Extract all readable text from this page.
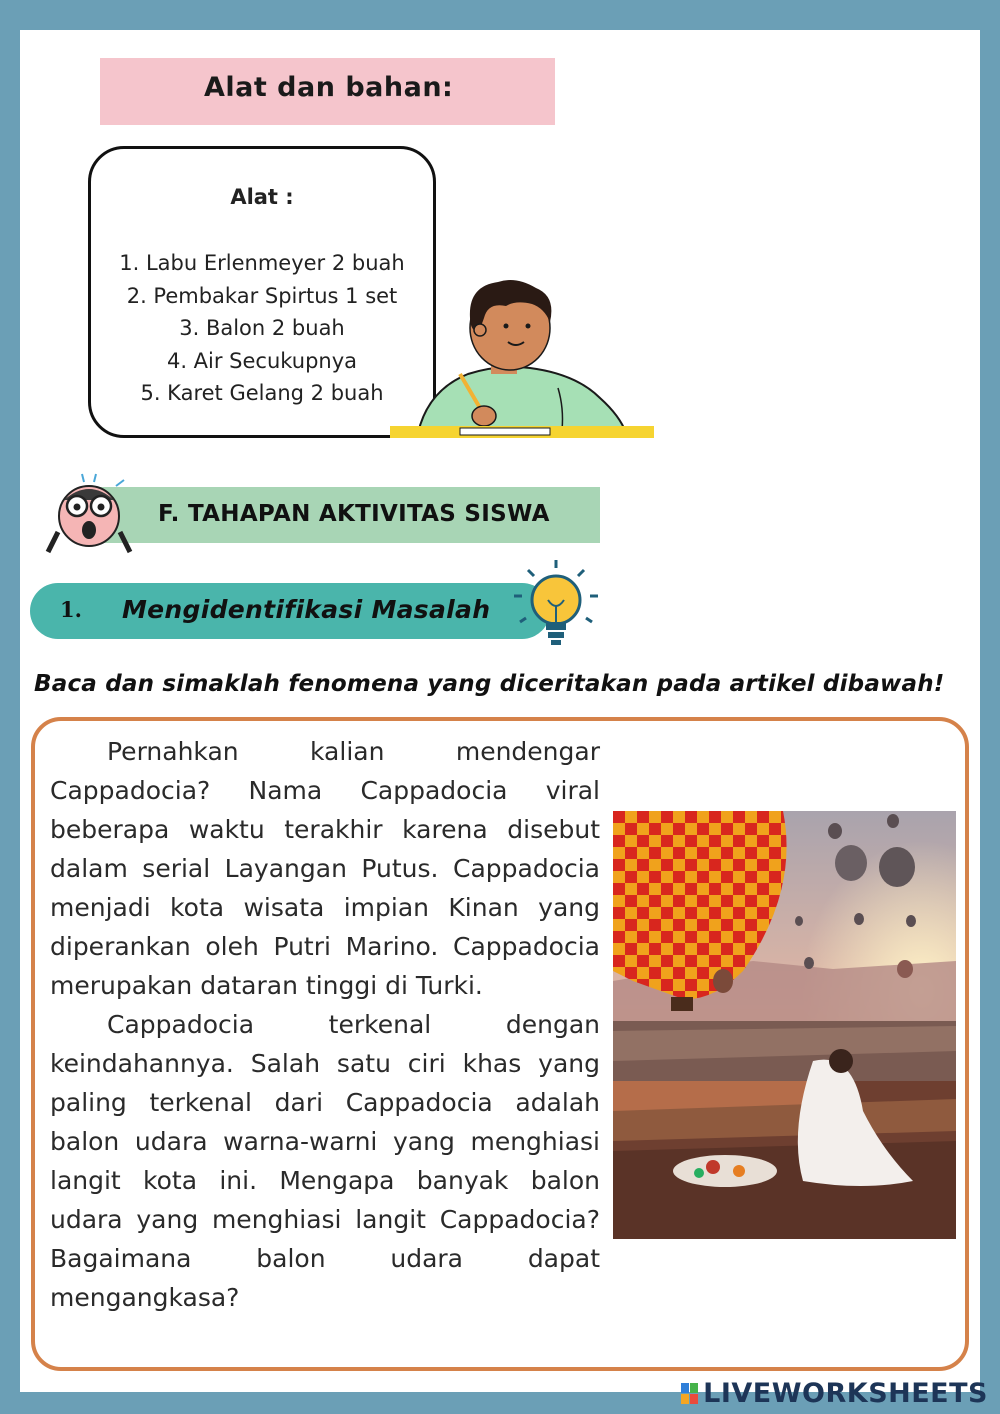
Alat dan bahan:
Alat :
1. Labu Erlenmeyer 2 buah
2. Pembakar Spirtus 1 set
3. Balon 2 buah
4. Air Secukupnya
5. Karet Gelang 2 buah
F. TAHAPAN AKTIVITAS SISWA
1. Mengidentifikasi Masalah
Baca dan simaklah fenomena yang diceritakan pada artikel dibawah!

Pernahkan kalian mendengar Cappadocia? Nama Cappadocia viral beberapa waktu terakhir karena disebut dalam serial Layangan Putus. Cappadocia menjadi kota wisata impian Kinan yang diperankan oleh Putri Marino. Cappadocia merupakan dataran tinggi di Turki.

Cappadocia terkenal dengan keindahannya. Salah satu ciri khas yang paling terkenal dari Cappadocia adalah balon udara warna-warni yang menghiasi langit kota ini. Mengapa banyak balon udara yang menghiasi langit Cappadocia? Bagaimana balon udara dapat mengangkasa?

LIVEWORKSHEETS
